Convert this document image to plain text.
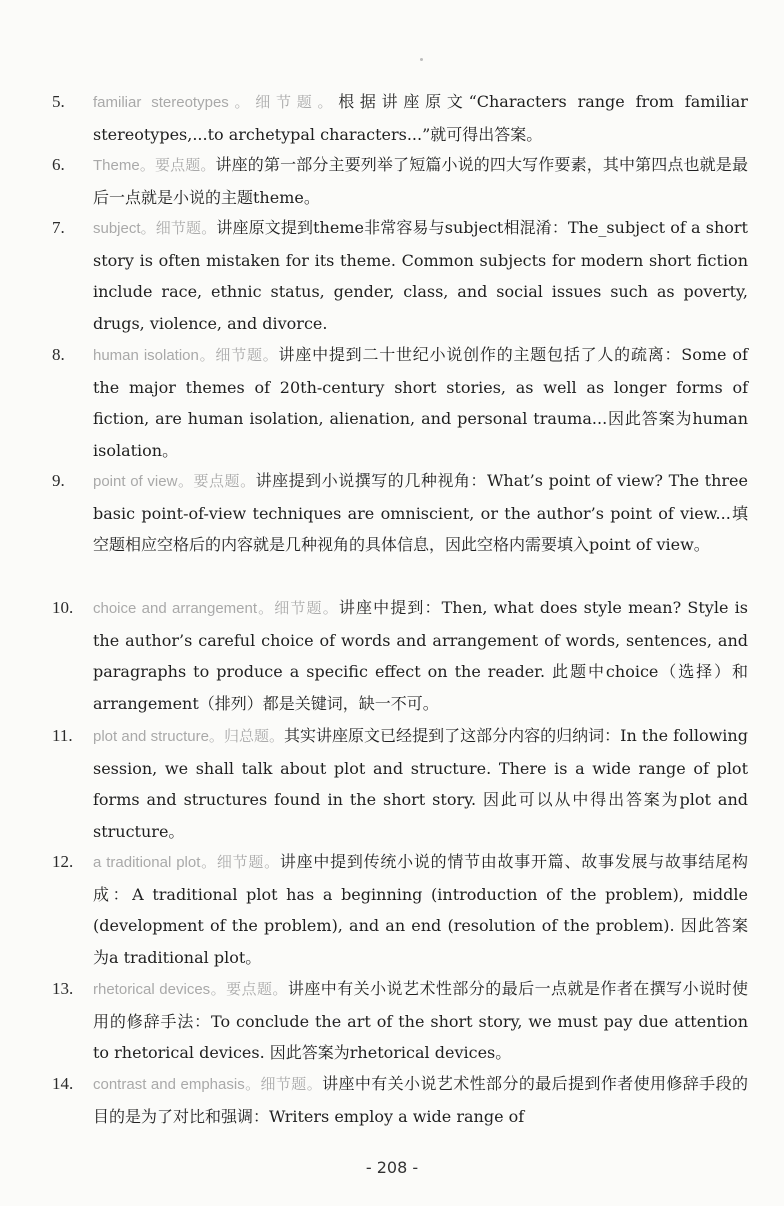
5.	familiar stereotypes。细节题。根据讲座原文“Characters range from familiar stereotypes,...to archetypal characters...”就可得出答案。
6.	Theme。要点题。讲座的第一部分主要列举了短篇小说的四大写作要素，其中第四点也就是最后一点就是小说的主题theme。
7.	subject。细节题。讲座原文提到theme非常容易与subject相混淆：The_subject of a short story is often mistaken for its theme. Common subjects for modern short fiction include race, ethnic status, gender, class, and social issues such as poverty, drugs, violence, and divorce.
8.	human isolation。细节题。讲座中提到二十世纪小说创作的主题包括了人的疏离：Some of the major themes of 20th-century short stories, as well as longer forms of fiction, are human isolation, alienation, and personal trauma...因此答案为human isolation。
9.	point of view。要点题。讲座提到小说撰写的几种视角：What’s point of view? The three basic point-of-view techniques are omniscient, or the author’s point of view...填空题相应空格后的内容就是几种视角的具体信息，因此空格内需要填入point of view。
10.	choice and arrangement。细节题。讲座中提到：Then, what does style mean? Style is the author’s careful choice of words and arrangement of words, sentences, and paragraphs to produce a specific effect on the reader. 此题中choice（选择）和arrangement（排列）都是关键词，缺一不可。
11.	plot and structure。归总题。其实讲座原文已经提到了这部分内容的归纳词：In the following session, we shall talk about plot and structure. There is a wide range of plot forms and structures found in the short story. 因此可以从中得出答案为plot and structure。
12.	a traditional plot。细节题。讲座中提到传统小说的情节由故事开篇、故事发展与故事结尾构成：A traditional plot has a beginning (introduction of the problem), middle (development of the problem), and an end (resolution of the problem). 因此答案为a traditional plot。
13.	rhetorical devices。要点题。讲座中有关小说艺术性部分的最后一点就是作者在撰写小说时使用的修辞手法：To conclude the art of the short story, we must pay due attention to rhetorical devices. 因此答案为rhetorical devices。
14.	contrast and emphasis。细节题。讲座中有关小说艺术性部分的最后提到作者使用修辞手段的目的是为了对比和强调：Writers employ a wide range of
- 208 -
